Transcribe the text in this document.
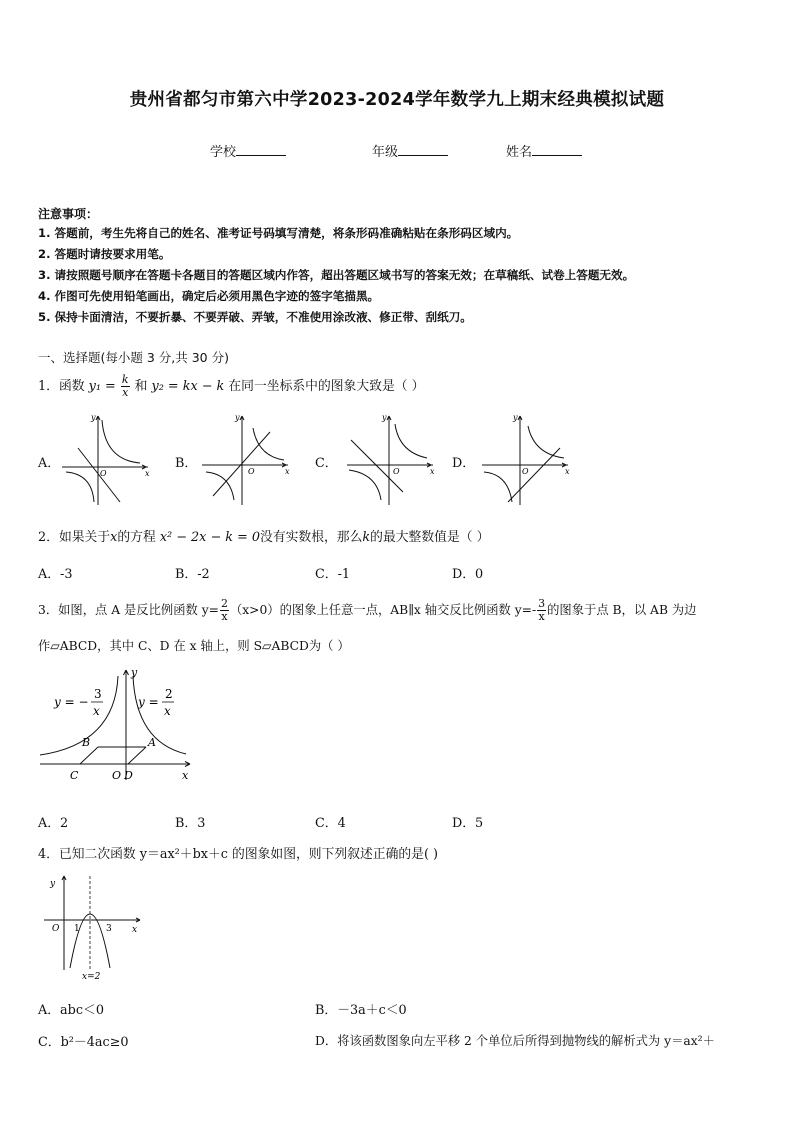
贵州省都匀市第六中学2023-2024学年数学九上期末经典模拟试题
学校	年级	姓名
注意事项：
1. 答题前，考生先将自己的姓名、准考证号码填写清楚，将条形码准确粘贴在条形码区域内。
2. 答题时请按要求用笔。
3. 请按照题号顺序在答题卡各题目的答题区域内作答，超出答题区域书写的答案无效；在草稿纸、试卷上答题无效。
4. 作图可先使用铅笔画出，确定后必须用黑色字迹的签字笔描黑。
5. 保持卡面清洁，不要折暴、不要弄破、弄皱，不准使用涂改液、修正带、刮纸刀。
一、选择题(每小题 3 分,共 30 分)
1．函数 $y_1 = \frac{k}{x}$ 和 y₂ = kx − k 在同一坐标系中的图象大致是（ ）
A．	B．	C．	D．
O	x
y
O	x
y
O	x
y
O	x
y
2．如果关于x的方程 x² − 2x − k = 0没有实数根，那么k的最大整数值是（ ）
A．-3	B．-2	C．-1	D．0
3．如图，点 A 是反比例函数 $y= \frac{2}{x} (x>0)$的图象上任意一点，AB∥x 轴交反比例函数 $y=- \frac{3}{x}$ 的图象于点 B，以 AB 为边
作▱ABCD，其中 C、D 在 x 轴上，则 S▱ABCD为（ ）
A
B
C	D
O	x
y
y = −
3
x
y =
2
x
A．2	B．3	C．4	D．5
4．已知二次函数 y＝ax²＋bx＋c 的图象如图，则下列叙述正确的是( )
O 1	3 x
y
x=2
A．abc＜0	B．－3a＋c＜0
C．b²－4ac≥0	D．将该函数图象向左平移 2 个单位后所得到抛物线的解析式为 y＝ax²＋
